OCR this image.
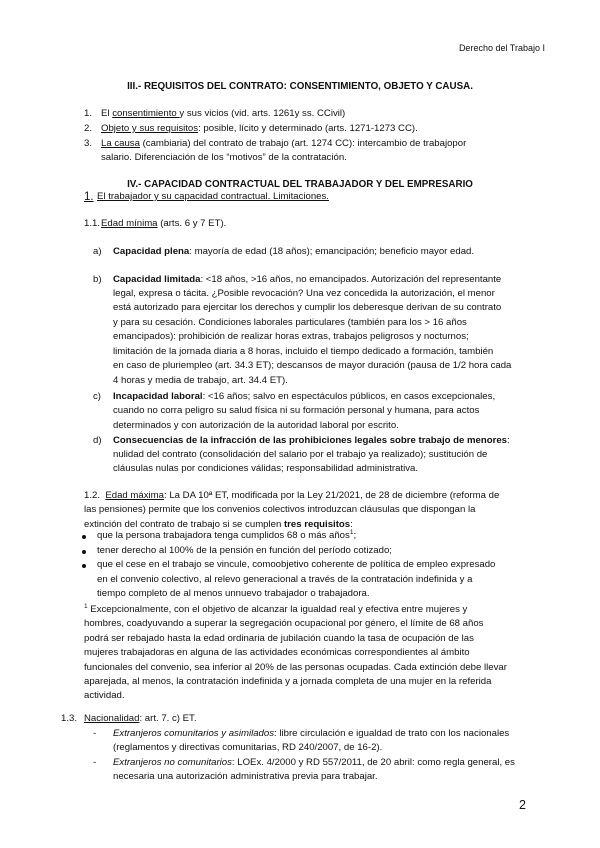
Derecho del Trabajo I
III.- REQUISITOS DEL CONTRATO: CONSENTIMIENTO, OBJETO Y CAUSA.
1. El consentimiento y sus vicios (vid. arts. 1261y ss. CCivil)
2. Objeto y sus requisitos: posible, lícito y determinado (arts. 1271-1273 CC).
3. La causa (cambiaria) del contrato de trabajo (art. 1274 CC): intercambio de trabajopor
salario. Diferenciación de los “motivos” de la contratación.
IV.- CAPACIDAD CONTRACTUAL DEL TRABAJADOR Y DEL EMPRESARIO
1. El trabajador y su capacidad contractual. Limitaciones.
1.1. Edad mínima (arts. 6 y 7 ET).
a) Capacidad plena: mayoría de edad (18 años); emancipación; beneficio mayor edad.
b) Capacidad limitada: <18 años, >16 años, no emancipados. Autorización del representante
legal, expresa o tácita. ¿Posible revocación? Una vez concedida la autorización, el menor
está autorizado para ejercitar los derechos y cumplir los deberesque derivan de su contrato
y para su cesación. Condiciones laborales particulares (también para los > 16 años
emancipados): prohibición de realizar horas extras, trabajos peligrosos y nocturnos;
limitación de la jornada diaria a 8 horas, incluido el tiempo dedicado a formación, también
en caso de pluriempleo (art. 34.3 ET); descansos de mayor duración (pausa de 1/2 hora cada
4 horas y media de trabajo, art. 34.4 ET).
c) Incapacidad laboral: <16 años; salvo en espectáculos públicos, en casos excepcionales,
cuando no corra peligro su salud física ni su formación personal y humana, para actos
determinados y con autorización de la autoridad laboral por escrito.
d) Consecuencias de la infracción de las prohibiciones legales sobre trabajo de menores:
nulidad del contrato (consolidación del salario por el trabajo ya realizado); sustitución de
cláusulas nulas por condiciones válidas; responsabilidad administrativa.
1.2. Edad máxima: La DA 10ª ET, modificada por la Ley 21/2021, de 28 de diciembre (reforma de
las pensiones) permite que los convenios colectivos introduzcan cláusulas que dispongan la
extinción del contrato de trabajo si se cumplen tres requisitos:
que la persona trabajadora tenga cumplidos 68 o más años$^1$;
tener derecho al 100% de la pensión en función del período cotizado;
que el cese en el trabajo se vincule, comoobjetivo coherente de política de empleo expresado
en el convenio colectivo, al relevo generacional a través de la contratación indefinida y a
tiempo completo de al menos unnuevo trabajador o trabajadora.
$^1$ Excepcionalmente, con el objetivo de alcanzar la igualdad real y efectiva entre mujeres y
hombres, coadyuvando a superar la segregación ocupacional por género, el límite de 68 años
podrá ser rebajado hasta la edad ordinaria de jubilación cuando la tasa de ocupación de las
mujeres trabajadoras en alguna de las actividades económicas correspondientes al ámbito
funcionales del convenio, sea inferior al 20% de las personas ocupadas. Cada extinción debe llevar
aparejada, al menos, la contratación indefinida y a jornada completa de una mujer en la referida
actividad.
1.3. Nacionalidad: art. 7. c) ET.
- Extranjeros comunitarios y asimilados: libre circulación e igualdad de trato con los nacionales
(reglamentos y directivas comunitarias, RD 240/2007, de 16-2).
- Extranjeros no comunitarios: LOEx. 4/2000 y RD 557/2011, de 20 abril: como regla general, es
necesaria una autorización administrativa previa para trabajar.
2
